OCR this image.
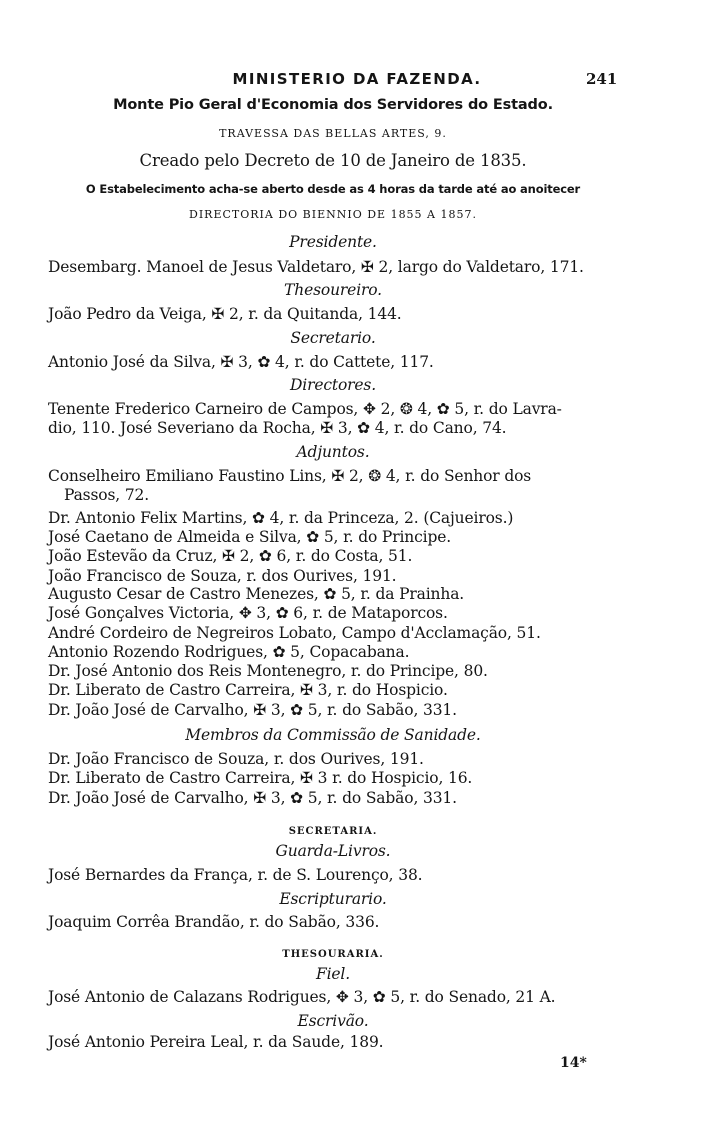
MINISTERIO DA FAZENDA.	241
Monte Pio Geral d'Economia dos Servidores do Estado.
TRAVESSA DAS BELLAS ARTES, 9.
Creado pelo Decreto de 10 de Janeiro de 1835.
O Estabelecimento acha-se aberto desde as 4 horas da tarde até ao anoitecer
DIRECTORIA DO BIENNIO DE 1855 A 1857.
Presidente.
Desembarg. Manoel de Jesus Valdetaro, ✠ 2, largo do Valdetaro, 171.
Thesoureiro.
João Pedro da Veiga, ✠ 2, r. da Quitanda, 144.
Secretario.
Antonio José da Silva, ✠ 3, ✿ 4, r. do Cattete, 117.
Directores.
Tenente Frederico Carneiro de Campos, ✥ 2, ❂ 4, ✿ 5, r. do Lavra-
dio, 110. José Severiano da Rocha, ✠ 3, ✿ 4, r. do Cano, 74.
Adjuntos.
Conselheiro Emiliano Faustino Lins, ✠ 2, ❂ 4, r. do Senhor dos
Passos, 72.
Dr. Antonio Felix Martins, ✿ 4, r. da Princeza, 2. (Cajueiros.)
José Caetano de Almeida e Silva, ✿ 5, r. do Principe.
João Estevão da Cruz, ✠ 2, ✿ 6, r. do Costa, 51.
João Francisco de Souza, r. dos Ourives, 191.
Augusto Cesar de Castro Menezes, ✿ 5, r. da Prainha.
José Gonçalves Victoria, ✥ 3, ✿ 6, r. de Mataporcos.
André Cordeiro de Negreiros Lobato, Campo d'Acclamação, 51.
Antonio Rozendo Rodrigues, ✿ 5, Copacabana.
Dr. José Antonio dos Reis Montenegro, r. do Principe, 80.
Dr. Liberato de Castro Carreira, ✠ 3, r. do Hospicio.
Dr. João José de Carvalho, ✠ 3, ✿ 5, r. do Sabão, 331.
Membros da Commissão de Sanidade.
Dr. João Francisco de Souza, r. dos Ourives, 191.
Dr. Liberato de Castro Carreira, ✠ 3 r. do Hospicio, 16.
Dr. João José de Carvalho, ✠ 3, ✿ 5, r. do Sabão, 331.
SECRETARIA.
Guarda-Livros.
José Bernardes da França, r. de S. Lourenço, 38.
Escripturario.
Joaquim Corrêa Brandão, r. do Sabão, 336.
THESOURARIA.
Fiel.
José Antonio de Calazans Rodrigues, ✥ 3, ✿ 5, r. do Senado, 21 A.
Escrivão.
José Antonio Pereira Leal, r. da Saude, 189.
14*
